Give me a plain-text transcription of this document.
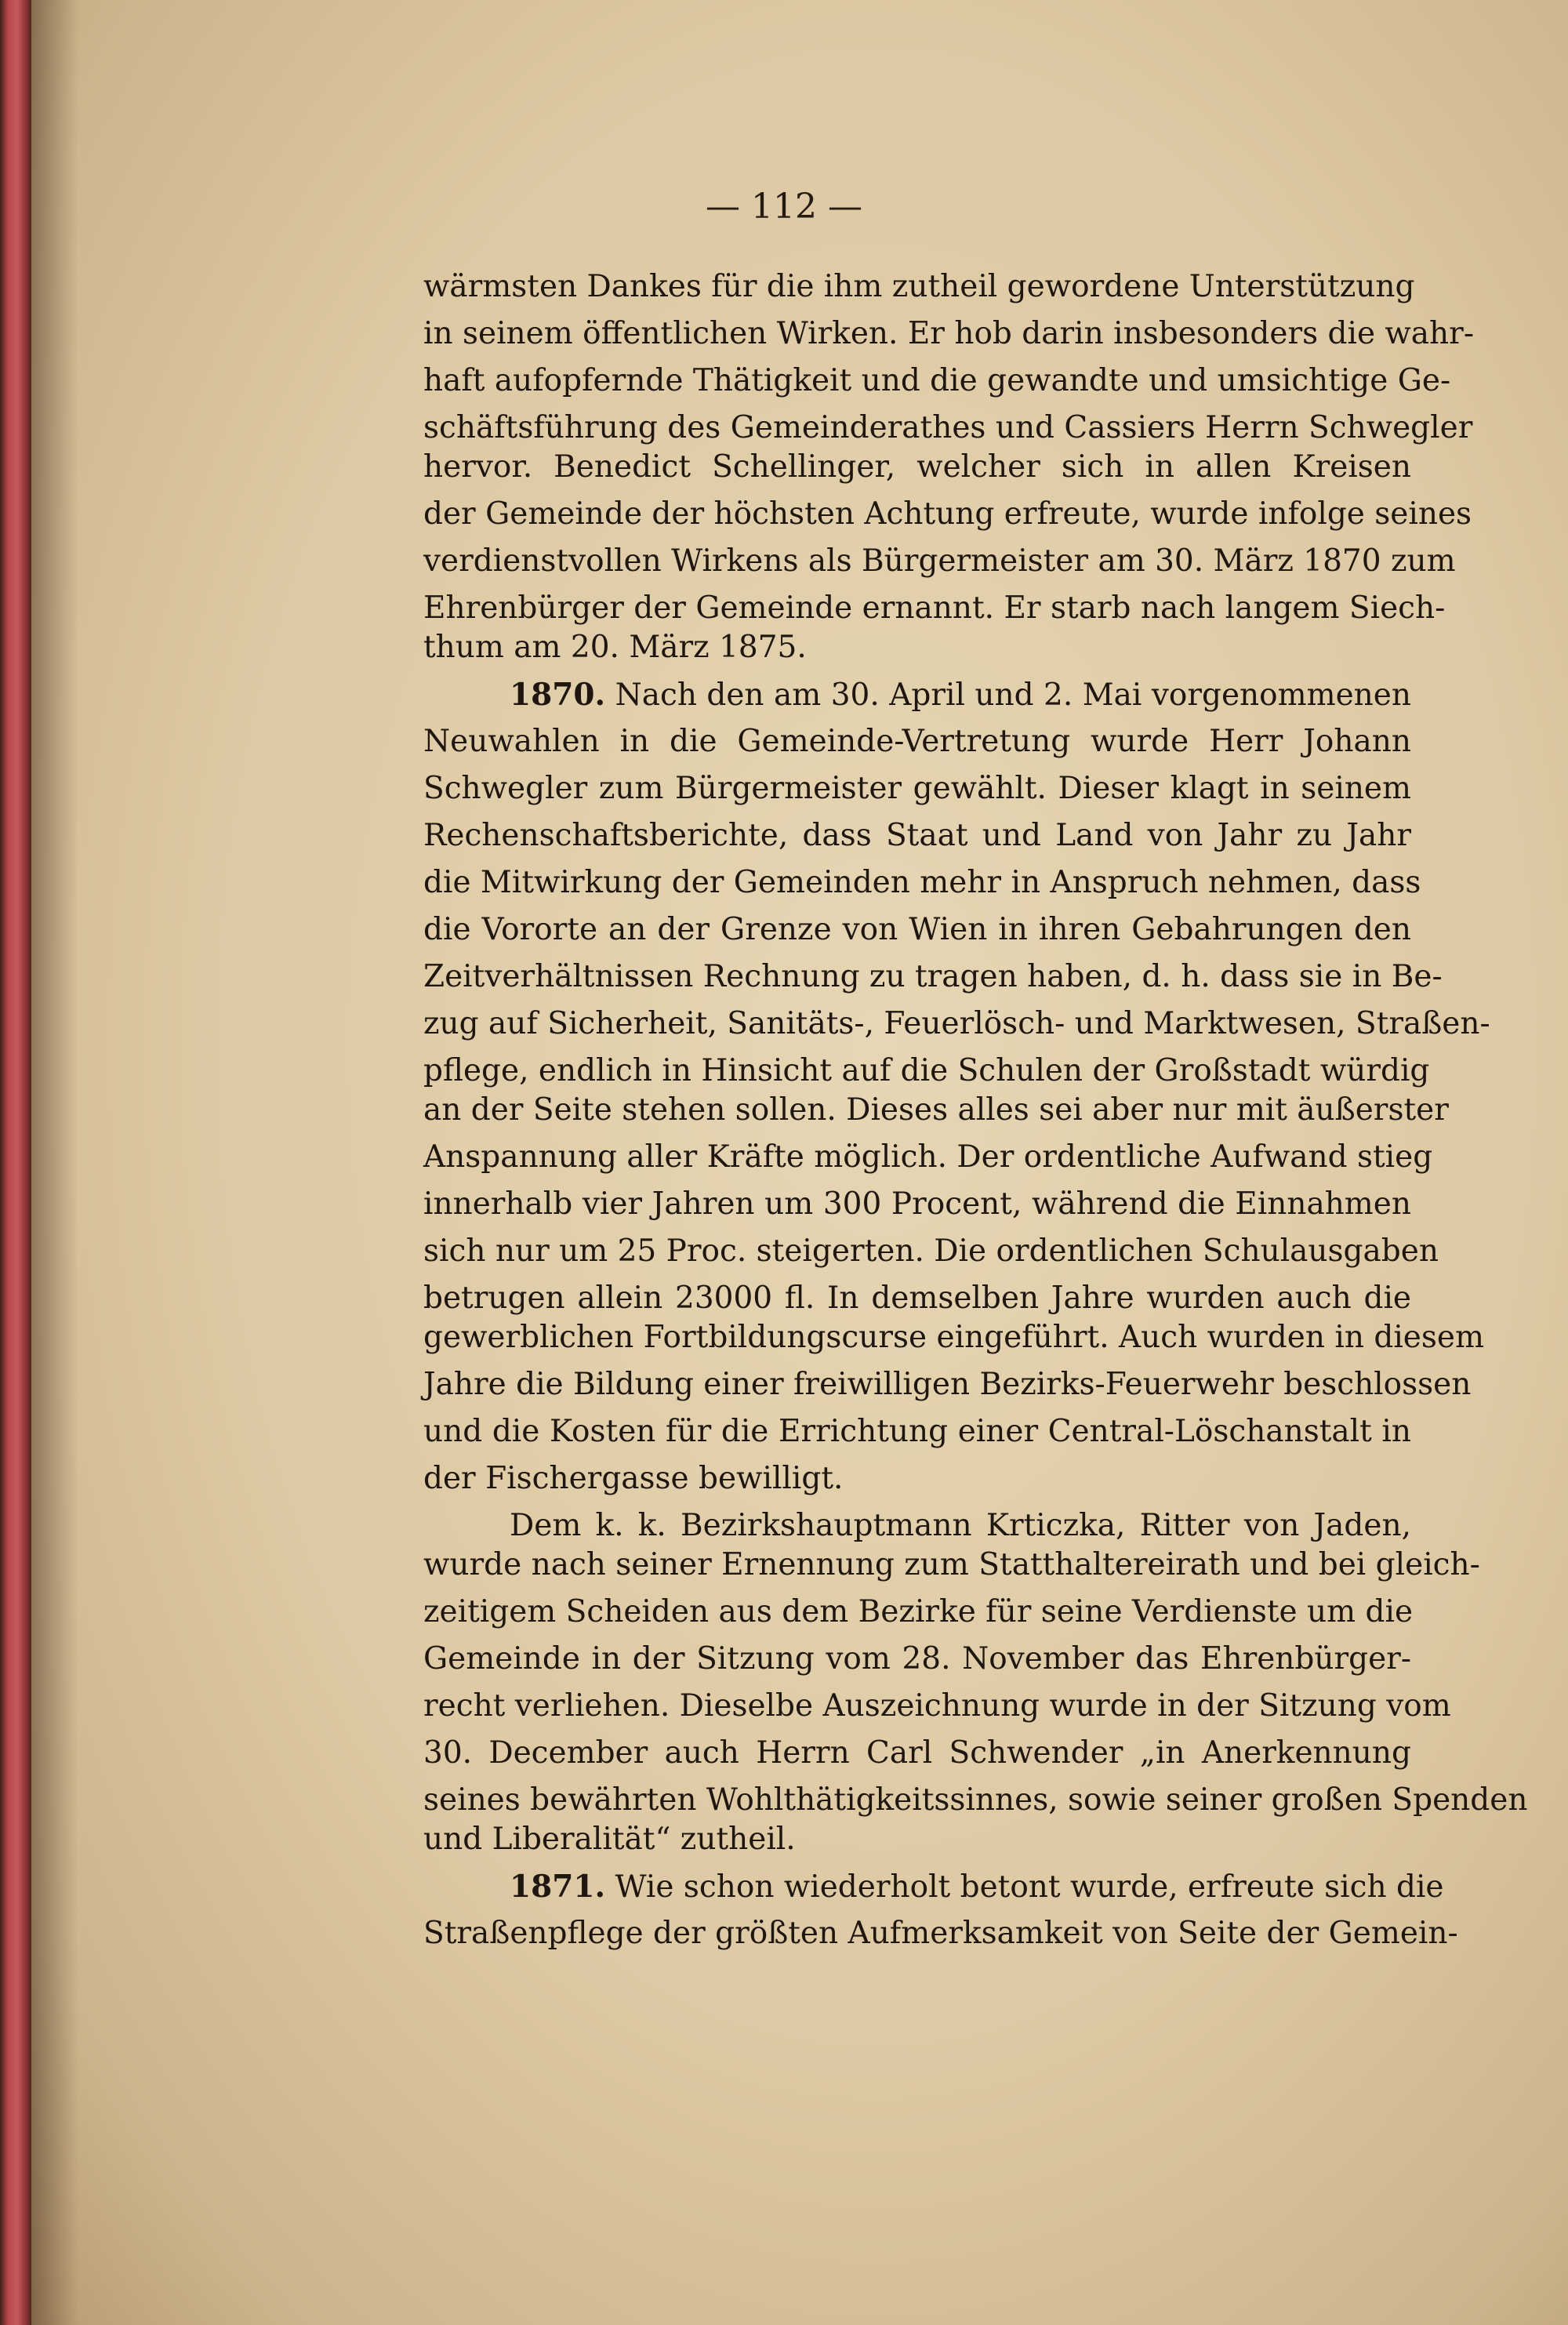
— 112 —
wärmsten Dankes für die ihm zutheil gewordene Unterstützung
in seinem öffentlichen Wirken. Er hob darin insbesonders die wahr-
haft aufopfernde Thätigkeit und die gewandte und umsichtige Ge-
schäftsführung des Gemeinderathes und Cassiers Herrn Schwegler
hervor. Benedict Schellinger, welcher sich in allen Kreisen
der Gemeinde der höchsten Achtung erfreute, wurde infolge seines
verdienstvollen Wirkens als Bürgermeister am 30. März 1870 zum
Ehrenbürger der Gemeinde ernannt. Er starb nach langem Siech-
thum am 20. März 1875.
1870. Nach den am 30. April und 2. Mai vorgenommenen
Neuwahlen in die Gemeinde-Vertretung wurde Herr Johann
Schwegler zum Bürgermeister gewählt. Dieser klagt in seinem
Rechenschaftsberichte, dass Staat und Land von Jahr zu Jahr
die Mitwirkung der Gemeinden mehr in Anspruch nehmen, dass
die Vororte an der Grenze von Wien in ihren Gebahrungen den
Zeitverhältnissen Rechnung zu tragen haben, d. h. dass sie in Be-
zug auf Sicherheit, Sanitäts-, Feuerlösch- und Marktwesen, Straßen-
pflege, endlich in Hinsicht auf die Schulen der Großstadt würdig
an der Seite stehen sollen. Dieses alles sei aber nur mit äußerster
Anspannung aller Kräfte möglich. Der ordentliche Aufwand stieg
innerhalb vier Jahren um 300 Procent, während die Einnahmen
sich nur um 25 Proc. steigerten. Die ordentlichen Schulausgaben
betrugen allein 23000 fl. In demselben Jahre wurden auch die
gewerblichen Fortbildungscurse eingeführt. Auch wurden in diesem
Jahre die Bildung einer freiwilligen Bezirks-Feuerwehr beschlossen
und die Kosten für die Errichtung einer Central-Löschanstalt in
der Fischergasse bewilligt.
Dem k. k. Bezirkshauptmann Krticzka, Ritter von Jaden,
wurde nach seiner Ernennung zum Statthaltereirath und bei gleich-
zeitigem Scheiden aus dem Bezirke für seine Verdienste um die
Gemeinde in der Sitzung vom 28. November das Ehrenbürger-
recht verliehen. Dieselbe Auszeichnung wurde in der Sitzung vom
30. December auch Herrn Carl Schwender „in Anerkennung
seines bewährten Wohlthätigkeitssinnes, sowie seiner großen Spenden
und Liberalität“ zutheil.
1871. Wie schon wiederholt betont wurde, erfreute sich die
Straßenpflege der größten Aufmerksamkeit von Seite der Gemein-
